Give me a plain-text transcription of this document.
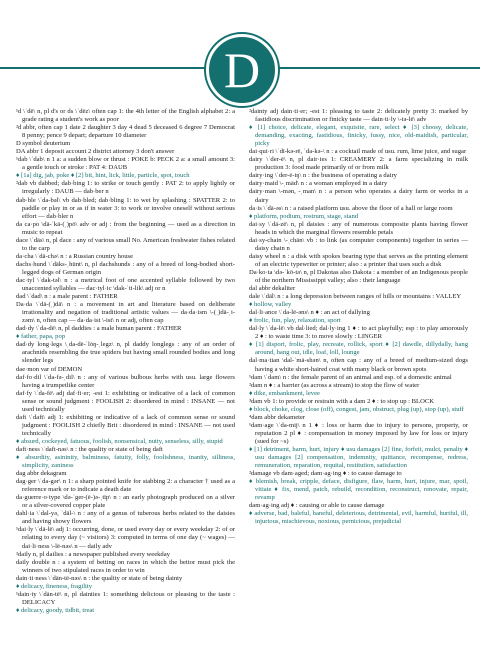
D

¹d \ˈdē\ n, pl d's or ds \ˈdēz\ often cap 1: the 4th letter of the English alphabet 2: a grade rating a student's work as poor

²d abbr, often cap 1 date 2 daughter 3 day 4 dead 5 deceased 6 degree 7 Democrat 8 penny; pence 9 depart; departure 10 diameter

D symbol deuterium

DA abbr 1 deposit account 2 district attorney 3 don't answer

¹dab \ˈdab\ n 1 a: a sudden blow or thrust : POKE b: PECK 2 a: a small amount 3: a gentle touch or stroke : PAT 4: DAUB

♦ [1a] dig, jab, poke ♦ [2] bit, hint, lick, little, particle, spot, touch

²dab vb dabbed; dab·bing 1: to strike or touch gently : PAT 2: to apply lightly or irregularly : DAUB — dab·ber n

dab·ble \ˈda-bəl\ vb dab·bled; dab·bling 1: to wet by splashing : SPATTER 2: to paddle or play in or as if in water 3: to work or involve oneself without serious effort — dab·bler n

da ca·po \dä-ˈkä-(ˌ)pō\ adv or adj : from the beginning — used as a direction in music to repeat

dace \ˈdās\ n, pl dace : any of various small No. American freshwater fishes related to the carp

da·cha \ˈdä-chə\ n : a Russian country house

dachs·hund \ˈdäks-ˌhünt\ n, pl dachshunds : any of a breed of long-bodied short-legged dogs of German origin

dac·tyl \ˈdak-təl\ n : a metrical foot of one accented syllable followed by two unaccented syllables — dac·tyl·ic \dak-ˈti-lik\ adj or n

dad \ˈdad\ n : a male parent : FATHER

Da·da \ˈdä-(ˌ)dä\ n : a movement in art and literature based on deliberate irrationality and negation of traditional artistic values — da·da·ism \-(ˌ)dä-ˌi-zəm\ n, often cap — da·da·ist \-ist\ n or adj, often cap

dad·dy \ˈda-dē\ n, pl daddies : a male human parent : FATHER

♦ father, papa, pop

dad·dy long·legs \ˌda-dē-ˈlȯŋ-ˌlegz\ n, pl daddy longlegs : any of an order of arachnids resembling the true spiders but having small rounded bodies and long slender legs

dae·mon var of DEMON

daf·fo·dil \ˈda-fə-ˌdil\ n : any of various bulbous herbs with usu. large flowers having a trumpetlike center

daf·fy \ˈda-fē\ adj daf·fi·er; -est 1: exhibiting or indicative of a lack of common sense or sound judgment : FOOLISH 2: disordered in mind : INSANE — not used technically

daft \ˈdaft\ adj 1: exhibiting or indicative of a lack of common sense or sound judgment : FOOLISH 2 chiefly Brit : disordered in mind : INSANE — not used technically

♦ absurd, cockeyed, fatuous, foolish, nonsensical, nutty, senseless, silly, stupid

daft·ness \ˈdaft-nəs\ n : the quality or state of being daft

♦ absurdity, asininity, balminess, fatuity, folly, foolishness, inanity, silliness, simplicity, zaniness

dag abbr dekagram

dag·ger \ˈda-gər\ n 1: a sharp pointed knife for stabbing 2: a character † used as a reference mark or to indicate a death date

da·guerre·o·type \də-ˈger-(ē-)ə-ˌtīp\ n : an early photograph produced on a silver or a silver-covered copper plate

dahl·ia \ˈdal-yə, ˈdäl-\ n : any of a genus of tuberous herbs related to the daisies and having showy flowers

¹dai·ly \ˈdā-lē\ adj 1: occurring, done, or used every day or every weekday 2: of or relating to every day (~ visitors) 3: computed in terms of one day (~ wages) — dai·li·ness \-lē-nəs\ n — daily adv

²daily n, pl dailies : a newspaper published every weekday

daily double n : a system of betting on races in which the bettor must pick the winners of two stipulated races in order to win

dain·ti·ness \ˈdān-tē-nəs\ n : the quality or state of being dainty

♦ delicacy, fineness, fragility

¹dain·ty \ˈdān-tē\ n, pl dainties 1: something delicious or pleasing to the taste : DELICACY

♦ delicacy, goody, tidbit, treat

²dainty adj dain·ti·er; -est 1: pleasing to taste 2: delicately pretty 3: marked by fastidious discrimination or finicky taste — dain·ti·ly \-tə-lē\ adv

♦ [1] choice, delicate, elegant, exquisite, rare, select ♦ [3] choosy, delicate, demanding, exacting, fastidious, finicky, fussy, nice, old-maidish, particular, picky

dai·qui·ri \ˈdī-kə-rē, ˈda-kə-\ n : a cocktail made of usu. rum, lime juice, and sugar

dairy \ˈder-ē\ n, pl dair·ies 1: CREAMERY 2: a farm specializing in milk production 3: food made primarily of or from milk

dairy·ing \ˈder-ē-iŋ\ n : the business of operating a dairy

dairy·maid \-ˌmād\ n : a woman employed in a dairy

dairy·man \-mən, -ˌman\ n : a person who operates a dairy farm or works in a dairy

da·is \ˈdā-əs\ n : a raised platform usu. above the floor of a hall or large room

♦ platform, podium, rostrum, stage, stand

dai·sy \ˈdā-zē\ n, pl daisies : any of numerous composite plants having flower heads in which the marginal flowers resemble petals

dai·sy-chain \-ˌchān\ vb : to link (as computer components) together in series — daisy chain n

daisy wheel n : a disk with spokes bearing type that serves as the printing element of an electric typewriter or printer; also : a printer that uses such a disk

Da·ko·ta \də-ˈkō-tə\ n, pl Dakotas also Dakota : a member of an Indigenous people of the northern Mississippi valley; also : their language

dal abbr dekaliter

dale \ˈdāl\ n : a long depression between ranges of hills or mountains : VALLEY

♦ hollow, valley

dal·li·ance \ˈda-lē-əns\ n ♦ : an act of dallying

♦ frolic, fun, play, relaxation, sport

dal·ly \ˈda-lē\ vb dal·lied; dal·ly·ing 1 ♦ : to act playfully; esp : to play amorously 2 ♦ : to waste time 3: to move slowly : LINGER

♦ [1] disport, frolic, play, recreate, rollick, sport ♦ [2] dawdle, dillydally, hang around, hang out, idle, loaf, loll, lounge

dal·ma·tian \dal-ˈmā-shən\ n, often cap : any of a breed of medium-sized dogs having a white short-haired coat with many black or brown spots

¹dam \ˈdam\ n : the female parent of an animal and esp. of a domestic animal

²dam n ♦ : a barrier (as across a stream) to stop the flow of water

♦ dike, embankment, levee

³dam vb 1: to provide or restrain with a dam 2 ♦ : to stop up : BLOCK

♦ block, choke, clog, close (off), congest, jam, obstruct, plug (up), stop (up), stuff

⁴dam abbr dekameter

¹dam·age \ˈda-mij\ n 1 ♦ : loss or harm due to injury to persons, property, or reputation 2 pl ♦ : compensation in money imposed by law for loss or injury (sued for ~s)

♦ [1] detriment, harm, hurt, injury ♦ usu damages [2] fine, forfeit, mulct, penalty ♦ usu damages [2] compensation, indemnity, quittance, recompense, redress, remuneration, reparation, requital, restitution, satisfaction

²damage vb dam·aged; dam·ag·ing ♦ : to cause damage to

♦ blemish, break, cripple, deface, disfigure, flaw, harm, hurt, injure, mar, spoil, vitiate ♦ fix, mend, patch, rebuild, recondition, reconstruct, renovate, repair, revamp

dam·ag·ing adj ♦ : causing or able to cause damage

♦ adverse, bad, baleful, baneful, deleterious, detrimental, evil, harmful, hurtful, ill, injurious, mischievous, noxious, pernicious, prejudicial
